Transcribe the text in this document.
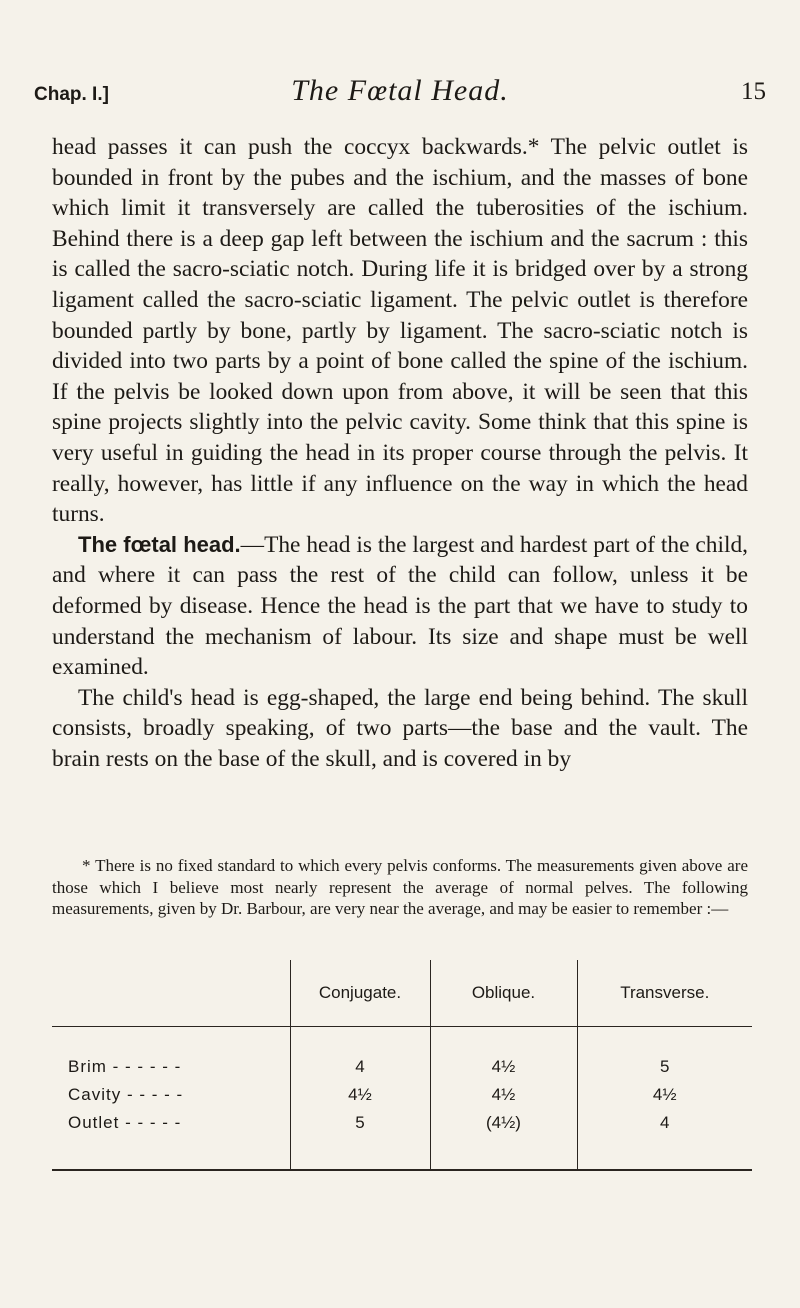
Chap. I.]	The Fœtal Head.	15

head passes it can push the coccyx backwards.* The pelvic outlet is bounded in front by the pubes and the ischium, and the masses of bone which limit it transversely are called the tuberosities of the ischium. Behind there is a deep gap left between the ischium and the sacrum : this is called the sacro-sciatic notch. During life it is bridged over by a strong ligament called the sacro-sciatic ligament. The pelvic outlet is therefore bounded partly by bone, partly by ligament. The sacro-sciatic notch is divided into two parts by a point of bone called the spine of the ischium. If the pelvis be looked down upon from above, it will be seen that this spine projects slightly into the pelvic cavity. Some think that this spine is very useful in guiding the head in its proper course through the pelvis. It really, however, has little if any influence on the way in which the head turns.

The fœtal head.—The head is the largest and hardest part of the child, and where it can pass the rest of the child can follow, unless it be deformed by disease. Hence the head is the part that we have to study to understand the mechanism of labour. Its size and shape must be well examined.

The child's head is egg-shaped, the large end being behind. The skull consists, broadly speaking, of two parts—the base and the vault. The brain rests on the base of the skull, and is covered in by

* There is no fixed standard to which every pelvis conforms. The measurements given above are those which I believe most nearly represent the average of normal pelves. The following measurements, given by Dr. Barbour, are very near the average, and may be easier to remember :—

	Conjugate.	Oblique.	Transverse.
Brim - - - - - -	4	4½	5
Cavity - - - - -	4½	4½	4½
Outlet - - - - -	5	(4½)	4
